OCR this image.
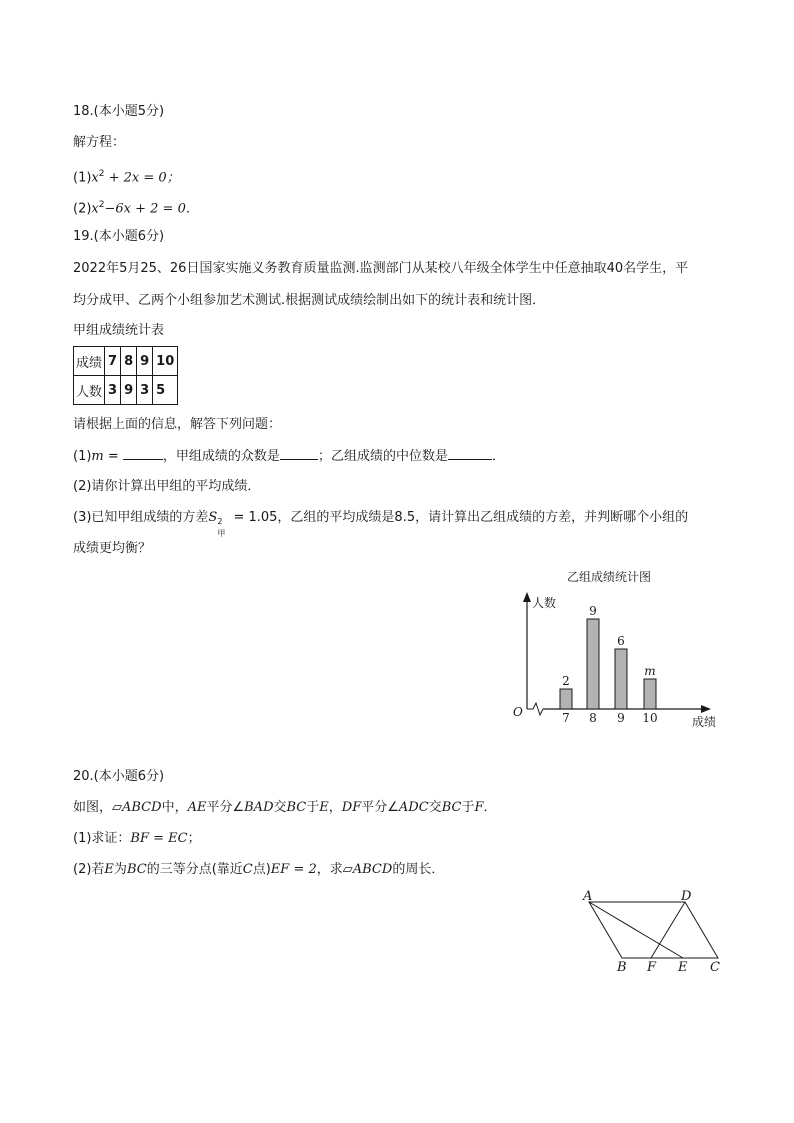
18.(本小题5分)
解方程：
$(1)x^2 + 2x = 0$；
$(2)x^2-6x + 2 = 0$．
19.(本小题6分)
2022年5月25、26日国家实施义务教育质量监测.监测部门从某校八年级全体学生中任意抽取40名学生，平
均分成甲、乙两个小组参加艺术测试.根据测试成绩绘制出如下的统计表和统计图．
甲组成绩统计表
成绩	7	8	9	10
人数	3	9	3	5
请根据上面的信息，解答下列问题：
(1)m =	，甲组成绩的众数是	；乙组成绩的中位数是	．
(2)请你计算出甲组的平均成绩．
(3)已知甲组成绩的方差S 2
甲
= 1.05，乙组的平均成绩是8.5，请计算出乙组成绩的方差，并判断哪个小组的
成绩更均衡？
乙组成绩统计图
人数
成绩
O
2
7
9
8
6
9
m
10
20.(本小题6分)
如图，▱ABCD中，AE平分∠BAD交BC于E，DF平分∠ADC交BC于F．
(1)求证：BF = EC；
(2)若E为BC的三等分点(靠近C点)EF = 2，求▱ABCD的周长．
A	D
B F E C
